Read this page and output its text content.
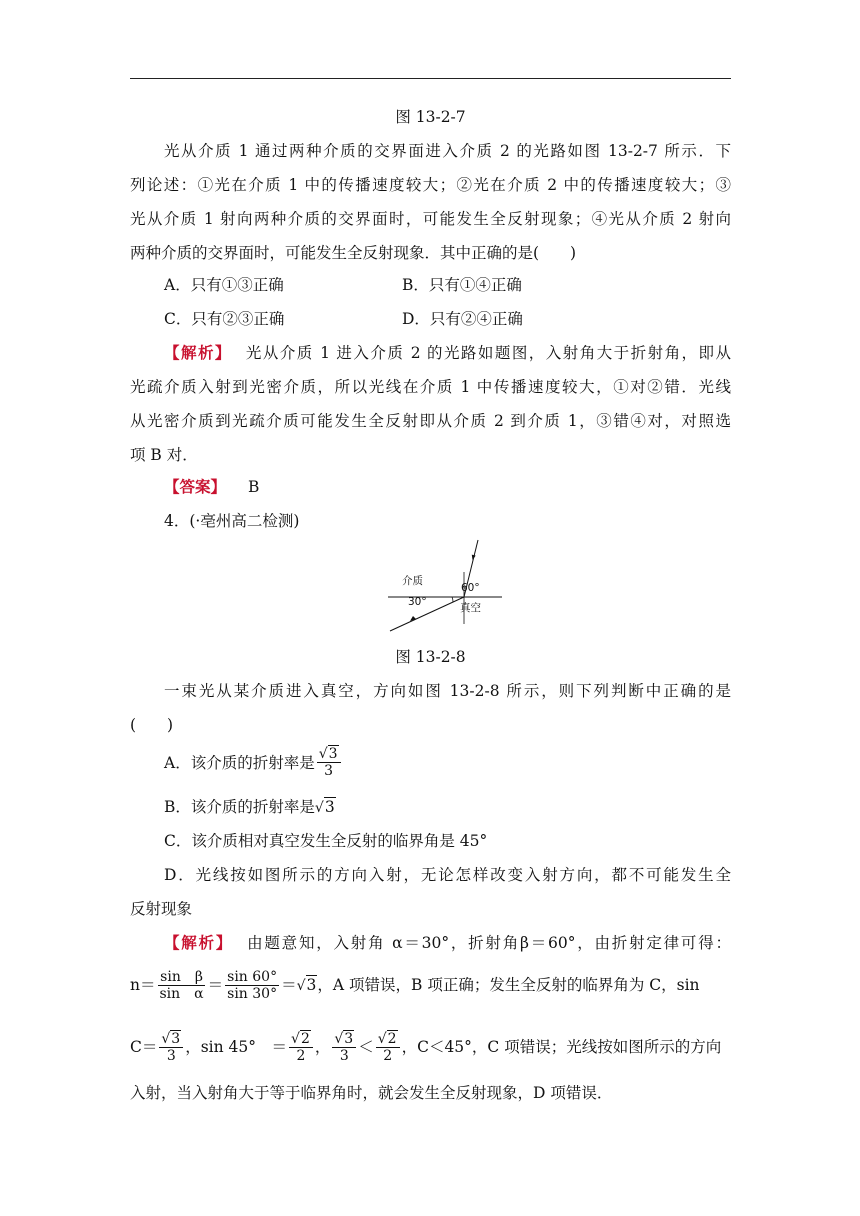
图 13-2-7
光从介质 1 通过两种介质的交界面进入介质 2 的光路如图 13-2-7 所示．下
列论述：①光在介质 1 中的传播速度较大；②光在介质 2 中的传播速度较大；③
光从介质 1 射向两种介质的交界面时，可能发生全反射现象；④光从介质 2 射向
两种介质的交界面时，可能发生全反射现象．其中正确的是(　　)
A．只有①③正确	B．只有①④正确
C．只有②③正确	D．只有②④正确
【解析】 光从介质 1 进入介质 2 的光路如题图，入射角大于折射角，即从
光疏介质入射到光密介质，所以光线在介质 1 中传播速度较大，①对②错．光线
从光密介质到光疏介质可能发生全反射即从介质 2 到介质 1，③错④对，对照选
项 B 对．
【答案】 B
4．(·亳州高二检测)
介质
60°
30°	真空
图 13-2-8
一束光从某介质进入真空，方向如图 13-2-8 所示，则下列判断中正确的是
(　　)
A．该介质的折射率是 $\frac{√3}{3}$
B．该介质的折射率是√3
C．该介质相对真空发生全反射的临界角是 45°
D．光线按如图所示的方向入射，无论怎样改变入射方向，都不可能发生全
反射现象
【解析】 由题意知，入射角 α＝30°，折射角β＝60°，由折射定律可得：
$n= \frac{\text{sin　β}}{\text{sin　α}} = \frac{\sin 60^\circ}{\sin 30^\circ} = √3$ ，A 项错误，B 项正确；发生全反射的临界角为 C，sin
$C= \frac{√3}{3}$ ，sin 45°　＝ $\frac{√2}{2}$ ， $\frac{√3}{3} < \frac{√2}{2}$ ，C＜45°，C 项错误；光线按如图所示的方向
入射，当入射角大于等于临界角时，就会发生全反射现象，D 项错误．
